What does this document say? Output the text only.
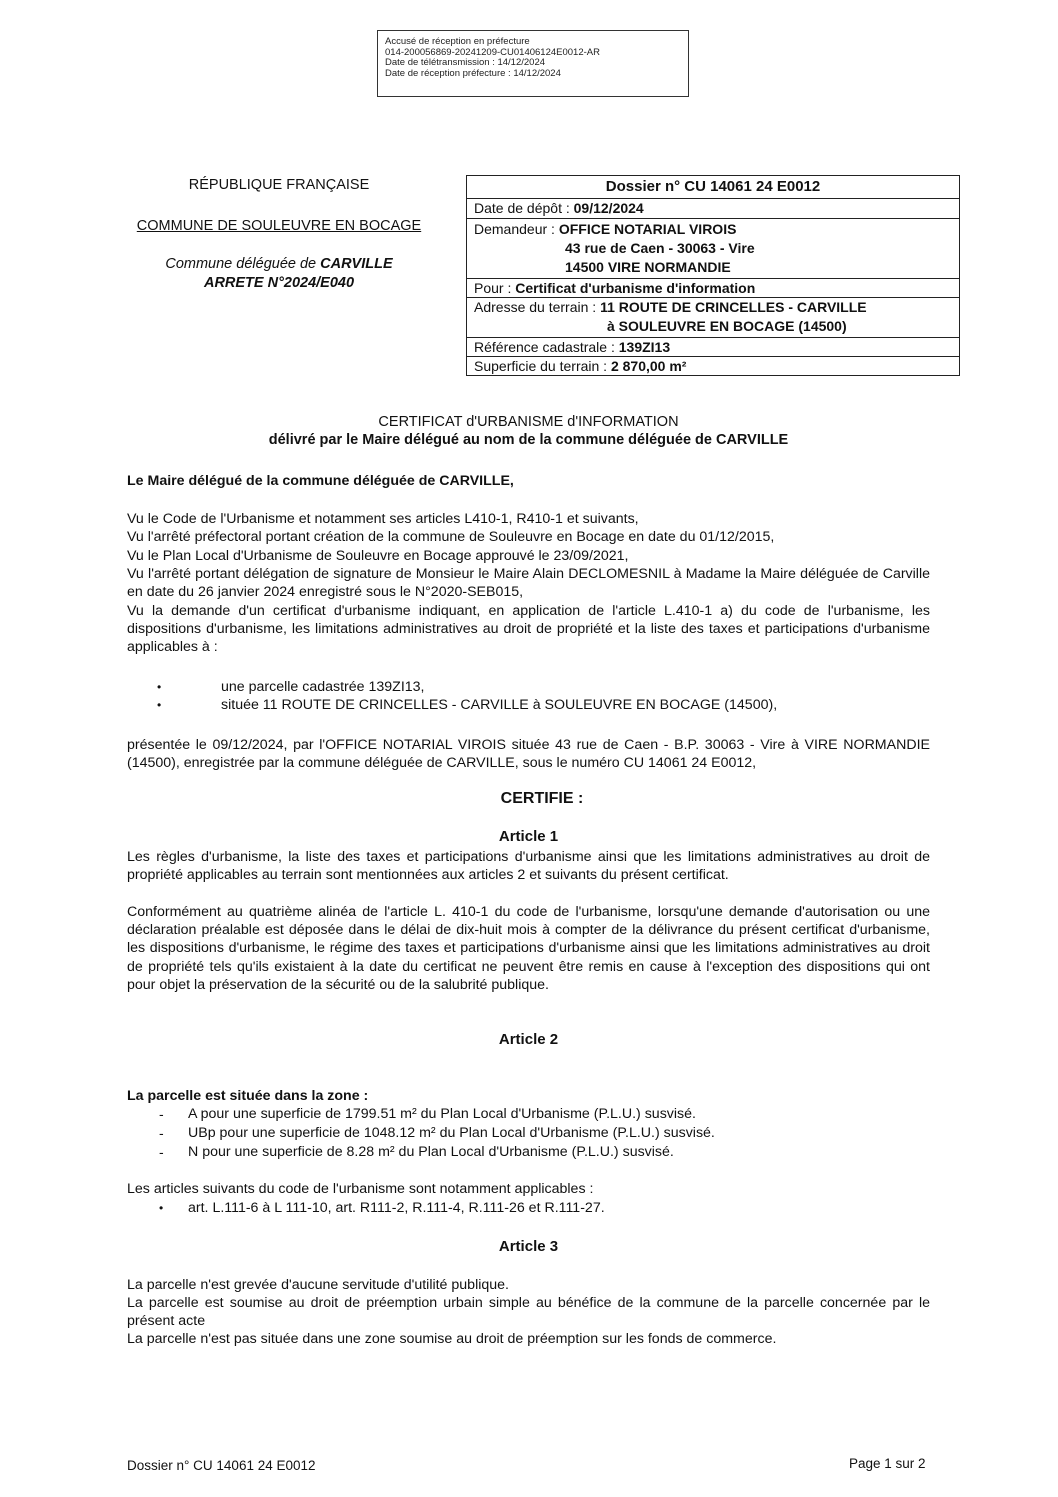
Accusé de réception en préfecture
014-200056869-20241209-CU01406124E0012-AR
Date de télétransmission : 14/12/2024
Date de réception préfecture : 14/12/2024
RÉPUBLIQUE FRANÇAISE
COMMUNE DE SOULEUVRE EN BOCAGE
Commune déléguée de CARVILLE
ARRETE N°2024/E040
Dossier n° CU 14061 24 E0012
Date de dépôt : 09/12/2024
Demandeur : OFFICE NOTARIAL VIROIS
43 rue de Caen - 30063 - Vire
14500 VIRE NORMANDIE
Pour : Certificat d'urbanisme d'information
Adresse du terrain : 11 ROUTE DE CRINCELLES - CARVILLE
à SOULEUVRE EN BOCAGE (14500)
Référence cadastrale : 139ZI13
Superficie du terrain : 2 870,00 m²
CERTIFICAT d'URBANISME d'INFORMATION
délivré par le Maire délégué au nom de la commune déléguée de CARVILLE
Le Maire délégué de la commune déléguée de CARVILLE,
Vu le Code de l'Urbanisme et notamment ses articles L410-1, R410-1 et suivants,
Vu l'arrêté préfectoral portant création de la commune de Souleuvre en Bocage en date du 01/12/2015,
Vu le Plan Local d'Urbanisme de Souleuvre en Bocage approuvé le 23/09/2021,
Vu l'arrêté portant délégation de signature de Monsieur le Maire Alain DECLOMESNIL à Madame la Maire déléguée de Carville en date du 26 janvier 2024 enregistré sous le N°2020-SEB015,
Vu la demande d'un certificat d'urbanisme indiquant, en application de l'article L.410-1 a) du code de l'urbanisme, les dispositions d'urbanisme, les limitations administratives au droit de propriété et la liste des taxes et participations d'urbanisme applicables à :
•	une parcelle cadastrée 139ZI13,
•	située 11 ROUTE DE CRINCELLES - CARVILLE à SOULEUVRE EN BOCAGE (14500),
présentée le 09/12/2024, par l'OFFICE NOTARIAL VIROIS située 43 rue de Caen - B.P. 30063 - Vire à VIRE NORMANDIE (14500), enregistrée par la commune déléguée de CARVILLE, sous le numéro CU 14061 24 E0012,
CERTIFIE :
Article 1
Les règles d'urbanisme, la liste des taxes et participations d'urbanisme ainsi que les limitations administratives au droit de propriété applicables au terrain sont mentionnées aux articles 2 et suivants du présent certificat.
Conformément au quatrième alinéa de l'article L. 410-1 du code de l'urbanisme, lorsqu'une demande d'autorisation ou une déclaration préalable est déposée dans le délai de dix-huit mois à compter de la délivrance du présent certificat d'urbanisme, les dispositions d'urbanisme, le régime des taxes et participations d'urbanisme ainsi que les limitations administratives au droit de propriété tels qu'ils existaient à la date du certificat ne peuvent être remis en cause à l'exception des dispositions qui ont pour objet la préservation de la sécurité ou de la salubrité publique.
Article 2
La parcelle est située dans la zone :
- A pour une superficie de 1799.51 m² du Plan Local d'Urbanisme (P.L.U.) susvisé.
- UBp pour une superficie de 1048.12 m² du Plan Local d'Urbanisme (P.L.U.) susvisé.
- N pour une superficie de 8.28 m² du Plan Local d'Urbanisme (P.L.U.) susvisé.
Les articles suivants du code de l'urbanisme sont notamment applicables :
• art. L.111-6 à L 111-10, art. R111-2, R.111-4, R.111-26 et R.111-27.
Article 3
La parcelle n'est grevée d'aucune servitude d'utilité publique.
La parcelle est soumise au droit de préemption urbain simple au bénéfice de la commune de la parcelle concernée par le présent acte
La parcelle n'est pas située dans une zone soumise au droit de préemption sur les fonds de commerce.
Dossier n° CU 14061 24 E0012	Page 1 sur 2
